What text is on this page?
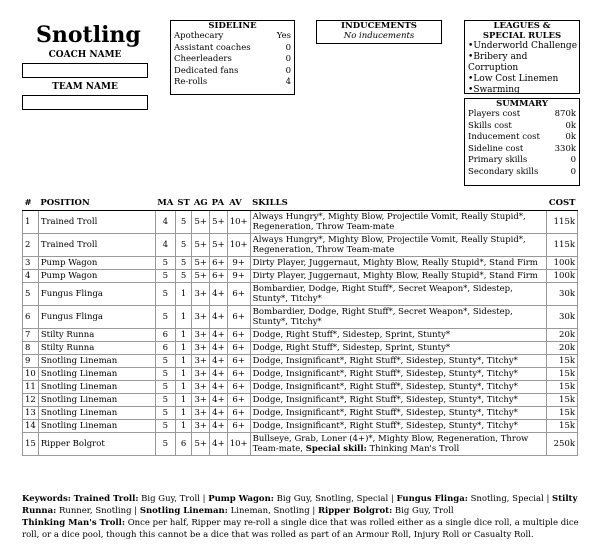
Snotling
COACH NAME
TEAM NAME
SIDELINE
Apothecary	Yes
Assistant coaches	0
Cheerleaders	0
Dedicated fans	0
Re-rolls	4
INDUCEMENTS
No inducements
LEAGUES & SPECIAL RULES
• Underworld Challenge
• Bribery and Corruption
• Low Cost Linemen
• Swarming
SUMMARY
Players cost	870k
Skills cost	0k
Inducement cost	0k
Sideline cost	330k
Primary skills	0
Secondary skills	0
#	POSITION	MA	ST	AG	PA	AV	SKILLS	COST
1	Trained Troll	4	5	5+	5+	10+	Always Hungry*, Mighty Blow, Projectile Vomit, Really Stupid*, Regeneration, Throw Team-mate	115k
2	Trained Troll	4	5	5+	5+	10+	Always Hungry*, Mighty Blow, Projectile Vomit, Really Stupid*, Regeneration, Throw Team-mate	115k
3	Pump Wagon	5	5	5+	6+	9+	Dirty Player, Juggernaut, Mighty Blow, Really Stupid*, Stand Firm	100k
4	Pump Wagon	5	5	5+	6+	9+	Dirty Player, Juggernaut, Mighty Blow, Really Stupid*, Stand Firm	100k
5	Fungus Flinga	5	1	3+	4+	6+	Bombardier, Dodge, Right Stuff*, Secret Weapon*, Sidestep, Stunty*, Titchy*	30k
6	Fungus Flinga	5	1	3+	4+	6+	Bombardier, Dodge, Right Stuff*, Secret Weapon*, Sidestep, Stunty*, Titchy*	30k
7	Stilty Runna	6	1	3+	4+	6+	Dodge, Right Stuff*, Sidestep, Sprint, Stunty*	20k
8	Stilty Runna	6	1	3+	4+	6+	Dodge, Right Stuff*, Sidestep, Sprint, Stunty*	20k
9	Snotling Lineman	5	1	3+	4+	6+	Dodge, Insignificant*, Right Stuff*, Sidestep, Stunty*, Titchy*	15k
10	Snotling Lineman	5	1	3+	4+	6+	Dodge, Insignificant*, Right Stuff*, Sidestep, Stunty*, Titchy*	15k
11	Snotling Lineman	5	1	3+	4+	6+	Dodge, Insignificant*, Right Stuff*, Sidestep, Stunty*, Titchy*	15k
12	Snotling Lineman	5	1	3+	4+	6+	Dodge, Insignificant*, Right Stuff*, Sidestep, Stunty*, Titchy*	15k
13	Snotling Lineman	5	1	3+	4+	6+	Dodge, Insignificant*, Right Stuff*, Sidestep, Stunty*, Titchy*	15k
14	Snotling Lineman	5	1	3+	4+	6+	Dodge, Insignificant*, Right Stuff*, Sidestep, Stunty*, Titchy*	15k
15	Ripper Bolgrot	5	6	5+	4+	10+	Bullseye, Grab, Loner (4+)*, Mighty Blow, Regeneration, Throw Team-mate, Special skill: Thinking Man's Troll	250k
Keywords: Trained Troll: Big Guy, Troll | Pump Wagon: Big Guy, Snotling, Special | Fungus Flinga: Snotling, Special | Stilty Runna: Runner, Snotling | Snotling Lineman: Lineman, Snotling | Ripper Bolgrot: Big Guy, Troll
Thinking Man's Troll: Once per half, Ripper may re-roll a single dice that was rolled either as a single dice roll, a multiple dice roll, or a dice pool, though this cannot be a dice that was rolled as part of an Armour Roll, Injury Roll or Casualty Roll.
